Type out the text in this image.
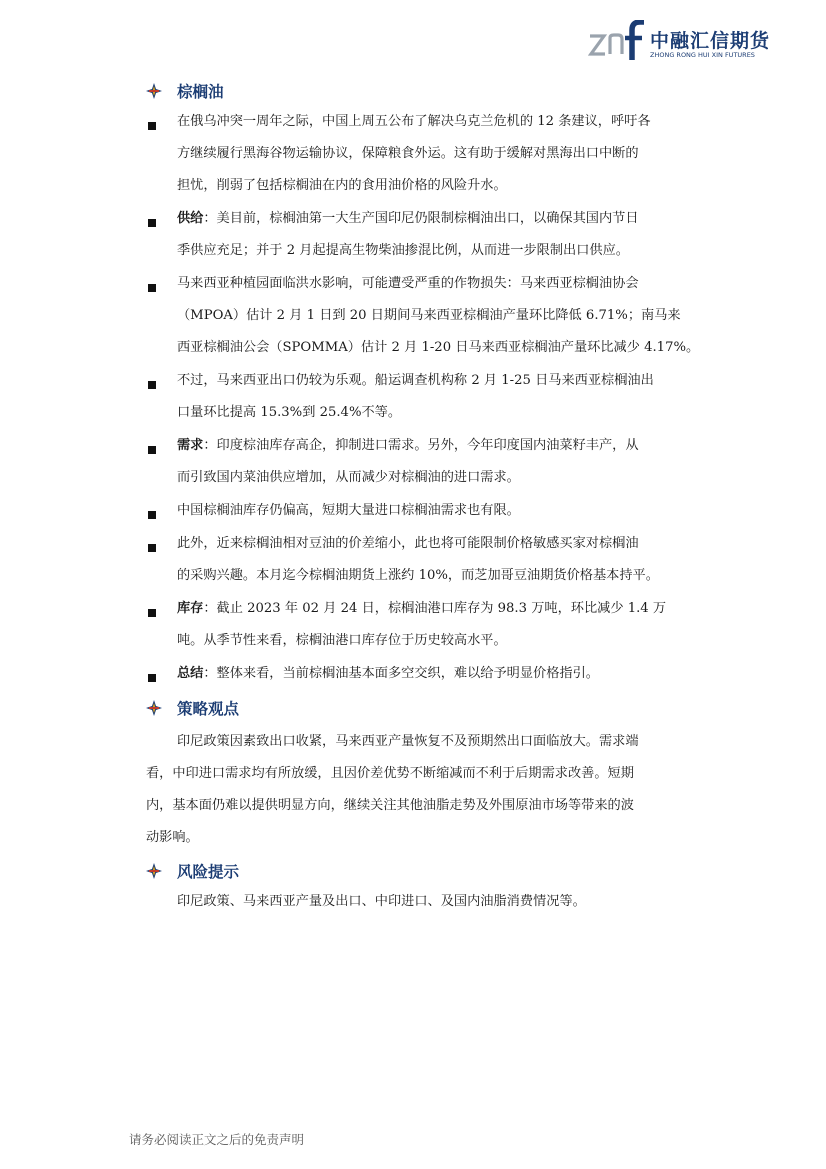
中融汇信期货
ZHONG RONG HUI XIN FUTURES
棕榈油
在俄乌冲突一周年之际，中国上周五公布了解决乌克兰危机的 12 条建议，呼吁各
方继续履行黑海谷物运输协议，保障粮食外运。这有助于缓解对黑海出口中断的
担忧，削弱了包括棕榈油在内的食用油价格的风险升水。
供给：美目前，棕榈油第一大生产国印尼仍限制棕榈油出口，以确保其国内节日
季供应充足；并于 2 月起提高生物柴油掺混比例，从而进一步限制出口供应。
马来西亚种植园面临洪水影响，可能遭受严重的作物损失：马来西亚棕榈油协会
（MPOA）估计 2 月 1 日到 20 日期间马来西亚棕榈油产量环比降低 6.71%；南马来
西亚棕榈油公会（SPOMMA）估计 2 月 1-20 日马来西亚棕榈油产量环比减少 4.17%。
不过，马来西亚出口仍较为乐观。船运调查机构称 2 月 1-25 日马来西亚棕榈油出
口量环比提高 15.3%到 25.4%不等。
需求：印度棕油库存高企，抑制进口需求。另外，今年印度国内油菜籽丰产，从
而引致国内菜油供应增加，从而减少对棕榈油的进口需求。
中国棕榈油库存仍偏高，短期大量进口棕榈油需求也有限。
此外，近来棕榈油相对豆油的价差缩小，此也将可能限制价格敏感买家对棕榈油
的采购兴趣。本月迄今棕榈油期货上涨约 10%，而芝加哥豆油期货价格基本持平。
库存：截止 2023 年 02 月 24 日，棕榈油港口库存为 98.3 万吨，环比减少 1.4 万
吨。从季节性来看，棕榈油港口库存位于历史较高水平。
总结：整体来看，当前棕榈油基本面多空交织，难以给予明显价格指引。
策略观点
印尼政策因素致出口收紧，马来西亚产量恢复不及预期然出口面临放大。需求端
看，中印进口需求均有所放缓，且因价差优势不断缩减而不利于后期需求改善。短期
内，基本面仍难以提供明显方向，继续关注其他油脂走势及外围原油市场等带来的波
动影响。
风险提示
印尼政策、马来西亚产量及出口、中印进口、及国内油脂消费情况等。
请务必阅读正文之后的免责声明
